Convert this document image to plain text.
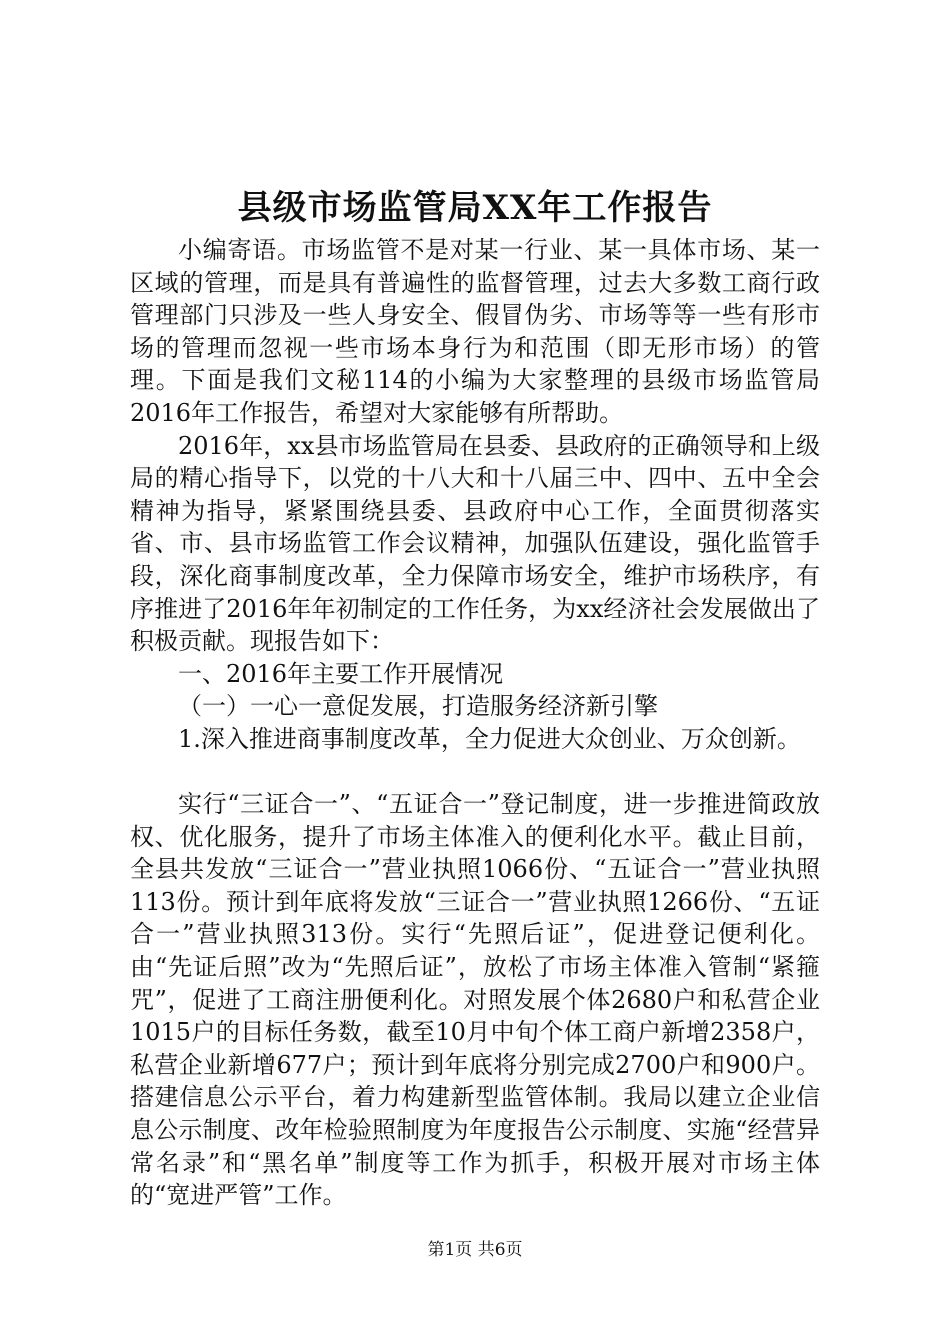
县级市场监管局XX年工作报告

小编寄语。市场监管不是对某一行业、某一具体市场、某一区域的管理，而是具有普遍性的监督管理，过去大多数工商行政管理部门只涉及一些人身安全、假冒伪劣、市场等等一些有形市场的管理而忽视一些市场本身行为和范围（即无形市场）的管理。下面是我们文秘114的小编为大家整理的县级市场监管局2016年工作报告，希望对大家能够有所帮助。

2016年，xx县市场监管局在县委、县政府的正确领导和上级局的精心指导下，以党的十八大和十八届三中、四中、五中全会精神为指导，紧紧围绕县委、县政府中心工作，全面贯彻落实省、市、县市场监管工作会议精神，加强队伍建设，强化监管手段，深化商事制度改革，全力保障市场安全，维护市场秩序，有序推进了2016年年初制定的工作任务，为xx经济社会发展做出了积极贡献。现报告如下：

一、2016年主要工作开展情况

（一）一心一意促发展，打造服务经济新引擎

1.深入推进商事制度改革，全力促进大众创业、万众创新。

实行“三证合一”、“五证合一”登记制度，进一步推进简政放权、优化服务，提升了市场主体准入的便利化水平。截止目前，全县共发放“三证合一”营业执照1066份、“五证合一”营业执照113份。预计到年底将发放“三证合一”营业执照1266份、“五证合一”营业执照313份。实行“先照后证”，促进登记便利化。由“先证后照”改为“先照后证”，放松了市场主体准入管制“紧箍咒”，促进了工商注册便利化。对照发展个体2680户和私营企业1015户的目标任务数，截至10月中旬个体工商户新增2358户，私营企业新增677户；预计到年底将分别完成2700户和900户。搭建信息公示平台，着力构建新型监管体制。我局以建立企业信息公示制度、改年检验照制度为年度报告公示制度、实施“经营异常名录”和“黑名单”制度等工作为抓手，积极开展对市场主体的“宽进严管”工作。

第1页 共6页
